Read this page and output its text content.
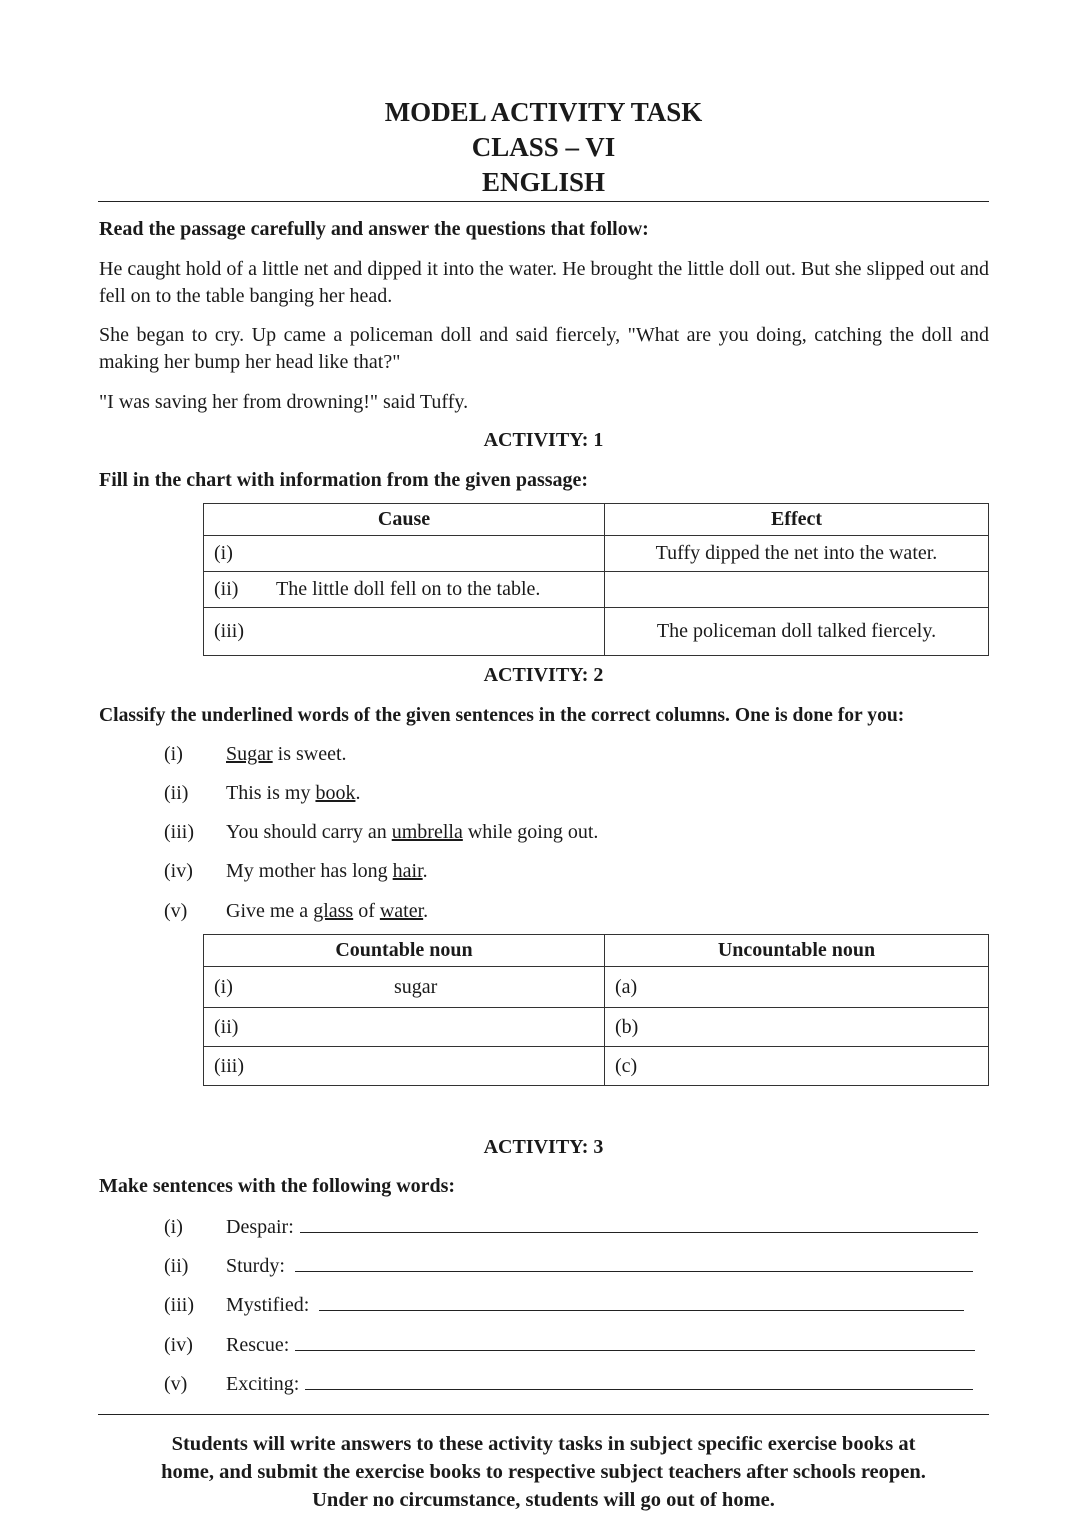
MODEL ACTIVITY TASK
CLASS – VI
ENGLISH
Read the passage carefully and answer the questions that follow:
He caught hold of a little net and dipped it into the water. He brought the little doll out. But she slipped out and fell on to the table banging her head.
She began to cry. Up came a policeman doll and said fiercely, "What are you doing, catching the doll and making her bump her head like that?"
"I was saving her from drowning!" said Tuffy.
ACTIVITY: 1
Fill in the chart with information from the given passage:
Cause	Effect
(i)	Tuffy dipped the net into the water.
(ii) The little doll fell on to the table.	
(iii)	The policeman doll talked fiercely.
ACTIVITY: 2
Classify the underlined words of the given sentences in the correct columns. One is done for you:
(i) Sugar is sweet.
(ii) This is my book.
(iii) You should carry an umbrella while going out.
(iv) My mother has long hair.
(v) Give me a glass of water.
Countable noun	Uncountable noun
(i) sugar	(a)
(ii)	(b)
(iii)	(c)
ACTIVITY: 3
Make sentences with the following words:
(i) Despair:
(ii) Sturdy:
(iii) Mystified:
(iv) Rescue:
(v) Exciting:
Students will write answers to these activity tasks in subject specific exercise books at
home, and submit the exercise books to respective subject teachers after schools reopen.
Under no circumstance, students will go out of home.
